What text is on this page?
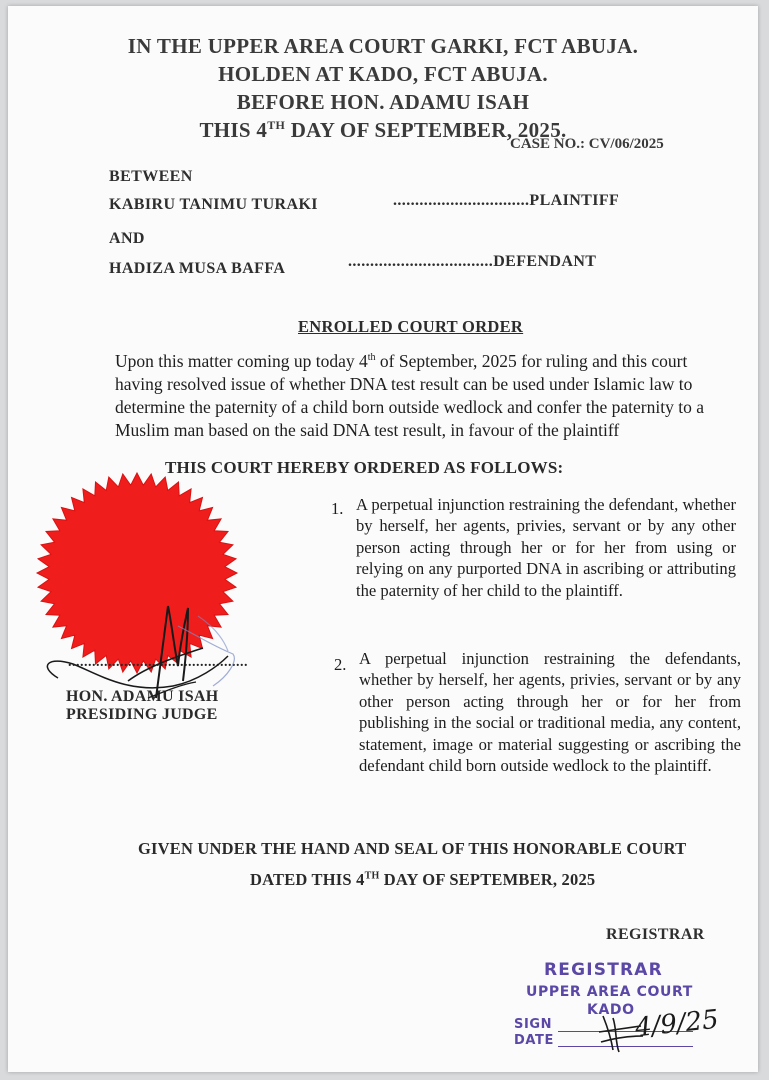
IN THE UPPER AREA COURT GARKI, FCT ABUJA.
HOLDEN AT KADO, FCT ABUJA.
BEFORE HON. ADAMU ISAH
THIS 4TH DAY OF SEPTEMBER, 2025.
CASE NO.: CV/06/2025
BETWEEN
KABIRU TANIMU TURAKI	...............................PLAINTIFF
AND
HADIZA MUSA BAFFA	.................................DEFENDANT
ENROLLED COURT ORDER
Upon this matter coming up today 4th of September, 2025 for ruling and this court
having resolved issue of whether DNA test result can be used under Islamic law to
determine the paternity of a child born outside wedlock and confer the paternity to a
Muslim man based on the said DNA test result, in favour of the plaintiff
THIS COURT HEREBY ORDERED AS FOLLOWS:
1. A perpetual injunction restraining the defendant, whether by herself, her agents, privies, servant or by any other person acting through her or for her from using or relying on any purported DNA in ascribing or attributing the paternity of her child to the plaintiff.
2. A perpetual injunction restraining the defendants, whether by herself, her agents, privies, servant or by any other person acting through her or for her from publishing in the social or traditional media, any content, statement, image or material suggesting or ascribing the defendant child born outside wedlock to the plaintiff.
.............................................
HON. ADAMU ISAH
PRESIDING JUDGE
GIVEN UNDER THE HAND AND SEAL OF THIS HONORABLE COURT
DATED THIS 4TH DAY OF SEPTEMBER, 2025
REGISTRAR
REGISTRAR
UPPER AREA COURT
KADO
SIGN
DATE	4/9/25
